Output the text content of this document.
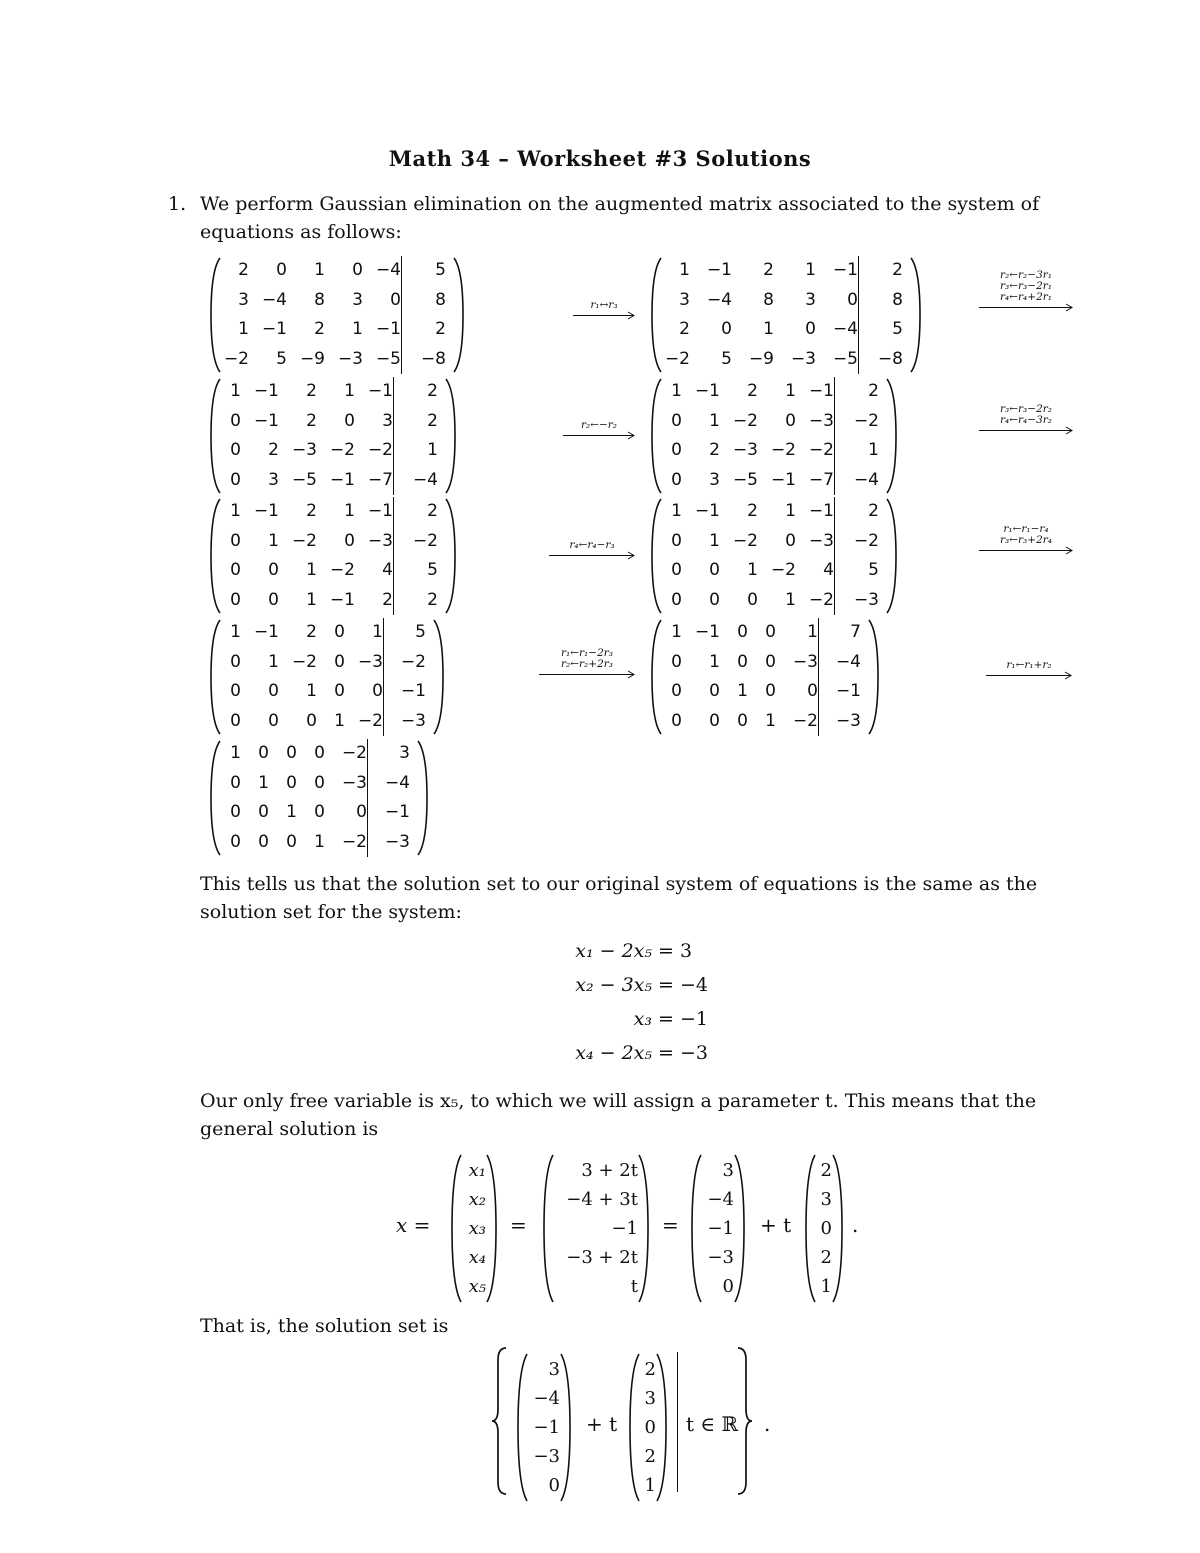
Math 34 – Worksheet #3 Solutions
1. We perform Gaussian elimination on the augmented matrix associated to the system of equations as follows:
2	0	1	0	−4		5
3	−4	8	3	0		8
1	−1	2	1	−1		2
−2	5	−9	−3	−5		−8
1	−1	2	1	−1		2
3	−4	8	3	0		8
2	0	1	0	−4		5
−2	5	−9	−3	−5		−8
1	−1	2	1	−1		2
0	−1	2	0	3		2
0	2	−3	−2	−2		1
0	3	−5	−1	−7		−4
1	−1	2	1	−1		2
0	1	−2	0	−3		−2
0	2	−3	−2	−2		1
0	3	−5	−1	−7		−4
1	−1	2	1	−1		2
0	1	−2	0	−3		−2
0	0	1	−2	4		5
0	0	1	−1	2		2
1	−1	2	1	−1		2
0	1	−2	0	−3		−2
0	0	1	−2	4		5
0	0	0	1	−2		−3
1	−1	2	0	1		5
0	1	−2	0	−3		−2
0	0	1	0	0		−1
0	0	0	1	−2		−3
1	−1	0	0	1		7
0	1	0	0	−3		−4
0	0	1	0	0		−1
0	0	0	1	−2		−3
1	0	0	0	−2		3
0	1	0	0	−3		−4
0	0	1	0	0		−1
0	0	0	1	−2		−3
r₁↔r₃
r₂←r₂−3r₁
r₃←r₃−2r₁
r₄←r₄+2r₁
r₂←−r₂
r₃←r₃−2r₂
r₄←r₄−3r₂
r₄←r₄−r₃
r₁←r₁−r₄
r₃←r₃+2r₄
r₁←r₁−2r₃
r₂←r₂+2r₃	r₁←r₁+r₂
This tells us that the solution set to our original system of equations is the same as the solution set for the system:
x₁ − 2x₅ = 3
x₂ − 3x₅ = −4
x₃ = −1
x₄ − 2x₅ = −3
Our only free variable is x₅, to which we will assign a parameter t. This means that the general solution is
x =
x₁
x₂
x₃
x₄
x₅
=
3 + 2t
−4 + 3t
−1
−3 + 2t
t
=
3
−4
−1
−3
0
+ t
2
3
0
2
1
.
That is, the solution set is
3
−4
−1
−3
0
+ t
2
3
0
2
1
t ∈ ℝ .
